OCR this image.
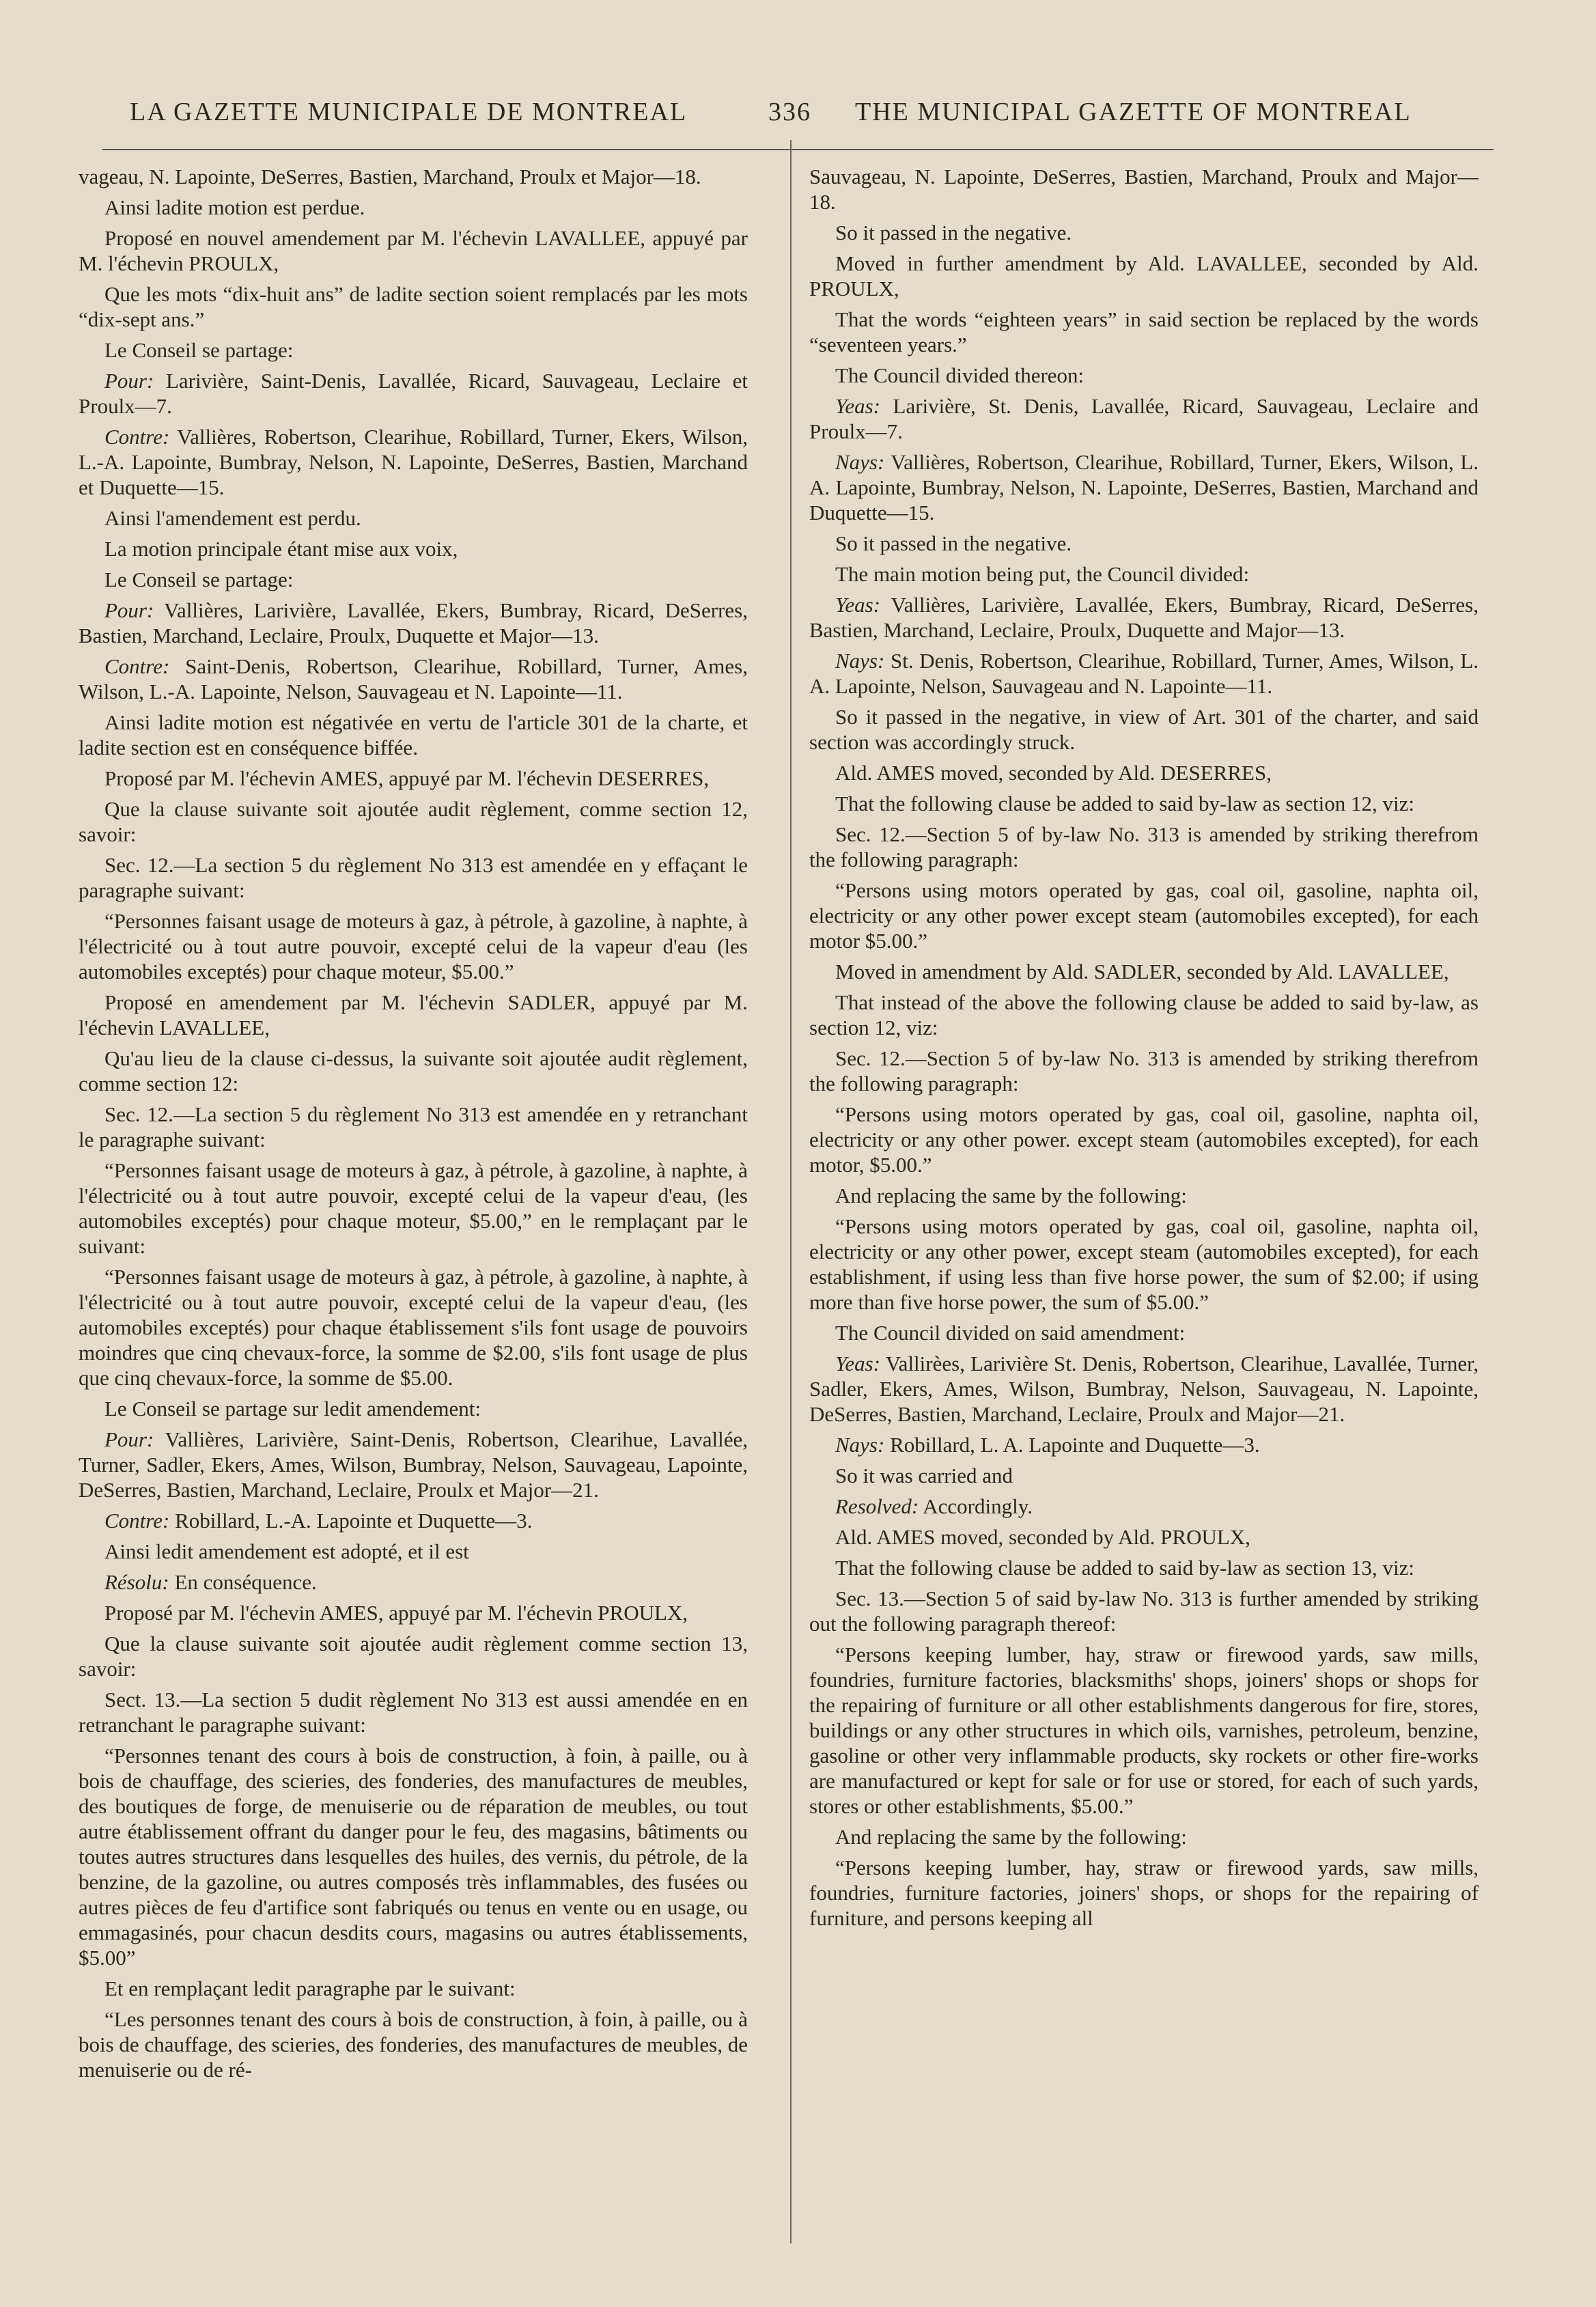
LA GAZETTE MUNICIPALE DE MONTREAL	336 THE MUNICIPAL GAZETTE OF MONTREAL

vageau, N. Lapointe, DeSerres, Bastien, Marchand, Proulx et Major—18.

Ainsi ladite motion est perdue.

Proposé en nouvel amendement par M. l'échevin LAVALLEE, appuyé par M. l'échevin PROULX,

Que les mots “dix-huit ans” de ladite section soient remplacés par les mots “dix-sept ans.”

Le Conseil se partage:

Pour: Larivière, Saint-Denis, Lavallée, Ricard, Sauvageau, Leclaire et Proulx—7.

Contre: Vallières, Robertson, Clearihue, Robillard, Turner, Ekers, Wilson, L.-A. Lapointe, Bumbray, Nelson, N. Lapointe, DeSerres, Bastien, Marchand et Duquette—15.

Ainsi l'amendement est perdu.

La motion principale étant mise aux voix,

Le Conseil se partage:

Pour: Vallières, Larivière, Lavallée, Ekers, Bumbray, Ricard, DeSerres, Bastien, Marchand, Leclaire, Proulx, Duquette et Major—13.

Contre: Saint-Denis, Robertson, Clearihue, Robillard, Turner, Ames, Wilson, L.-A. Lapointe, Nelson, Sauvageau et N. Lapointe—11.

Ainsi ladite motion est négativée en vertu de l'article 301 de la charte, et ladite section est en conséquence biffée.

Proposé par M. l'échevin AMES, appuyé par M. l'échevin DESERRES,

Que la clause suivante soit ajoutée audit règlement, comme section 12, savoir:

Sec. 12.—La section 5 du règlement No 313 est amendée en y effaçant le paragraphe suivant:

“Personnes faisant usage de moteurs à gaz, à pétrole, à gazoline, à naphte, à l'électricité ou à tout autre pouvoir, excepté celui de la vapeur d'eau (les automobiles exceptés) pour chaque moteur, $5.00.”

Proposé en amendement par M. l'échevin SADLER, appuyé par M. l'échevin LAVALLEE,

Qu'au lieu de la clause ci-dessus, la suivante soit ajoutée audit règlement, comme section 12:

Sec. 12.—La section 5 du règlement No 313 est amendée en y retranchant le paragraphe suivant:

“Personnes faisant usage de moteurs à gaz, à pétrole, à gazoline, à naphte, à l'électricité ou à tout autre pouvoir, excepté celui de la vapeur d'eau, (les automobiles exceptés) pour chaque moteur, $5.00,” en le remplaçant par le suivant:

“Personnes faisant usage de moteurs à gaz, à pétrole, à gazoline, à naphte, à l'électricité ou à tout autre pouvoir, excepté celui de la vapeur d'eau, (les automobiles exceptés) pour chaque établissement s'ils font usage de pouvoirs moindres que cinq chevaux-force, la somme de $2.00, s'ils font usage de plus que cinq chevaux-force, la somme de $5.00.

Le Conseil se partage sur ledit amendement:

Pour: Vallières, Larivière, Saint-Denis, Robertson, Clearihue, Lavallée, Turner, Sadler, Ekers, Ames, Wilson, Bumbray, Nelson, Sauvageau, Lapointe, DeSerres, Bastien, Marchand, Leclaire, Proulx et Major—21.

Contre: Robillard, L.-A. Lapointe et Duquette—3.

Ainsi ledit amendement est adopté, et il est

Résolu: En conséquence.

Proposé par M. l'échevin AMES, appuyé par M. l'échevin PROULX,

Que la clause suivante soit ajoutée audit règlement comme section 13, savoir:

Sect. 13.—La section 5 dudit règlement No 313 est aussi amendée en en retranchant le paragraphe suivant:

“Personnes tenant des cours à bois de construction, à foin, à paille, ou à bois de chauffage, des scieries, des fonderies, des manufactures de meubles, des boutiques de forge, de menuiserie ou de réparation de meubles, ou tout autre établissement offrant du danger pour le feu, des magasins, bâtiments ou toutes autres structures dans lesquelles des huiles, des vernis, du pétrole, de la benzine, de la gazoline, ou autres composés très inflammables, des fusées ou autres pièces de feu d'artifice sont fabriqués ou tenus en vente ou en usage, ou emmagasinés, pour chacun desdits cours, magasins ou autres établissements, $5.00”

Et en remplaçant ledit paragraphe par le suivant:

“Les personnes tenant des cours à bois de construction, à foin, à paille, ou à bois de chauffage, des scieries, des fonderies, des manufactures de meubles, de menuiserie ou de ré-

Sauvageau, N. Lapointe, DeSerres, Bastien, Marchand, Proulx and Major—18.

So it passed in the negative.

Moved in further amendment by Ald. LAVALLEE, seconded by Ald. PROULX,

That the words “eighteen years” in said section be replaced by the words “seventeen years.”

The Council divided thereon:

Yeas: Larivière, St. Denis, Lavallée, Ricard, Sauvageau, Leclaire and Proulx—7.

Nays: Vallières, Robertson, Clearihue, Robillard, Turner, Ekers, Wilson, L. A. Lapointe, Bumbray, Nelson, N. Lapointe, DeSerres, Bastien, Marchand and Duquette—15.

So it passed in the negative.

The main motion being put, the Council divided:

Yeas: Vallières, Larivière, Lavallée, Ekers, Bumbray, Ricard, DeSerres, Bastien, Marchand, Leclaire, Proulx, Duquette and Major—13.

Nays: St. Denis, Robertson, Clearihue, Robillard, Turner, Ames, Wilson, L. A. Lapointe, Nelson, Sauvageau and N. Lapointe—11.

So it passed in the negative, in view of Art. 301 of the charter, and said section was accordingly struck.

Ald. AMES moved, seconded by Ald. DESERRES,

That the following clause be added to said by-law as section 12, viz:

Sec. 12.—Section 5 of by-law No. 313 is amended by striking therefrom the following paragraph:

“Persons using motors operated by gas, coal oil, gasoline, naphta oil, electricity or any other power except steam (automobiles excepted), for each motor $5.00.”

Moved in amendment by Ald. SADLER, seconded by Ald. LAVALLEE,

That instead of the above the following clause be added to said by-law, as section 12, viz:

Sec. 12.—Section 5 of by-law No. 313 is amended by striking therefrom the following paragraph:

“Persons using motors operated by gas, coal oil, gasoline, naphta oil, electricity or any other power. except steam (automobiles excepted), for each motor, $5.00.”

And replacing the same by the following:

“Persons using motors operated by gas, coal oil, gasoline, naphta oil, electricity or any other power, except steam (automobiles excepted), for each establishment, if using less than five horse power, the sum of $2.00; if using more than five horse power, the sum of $5.00.”

The Council divided on said amendment:

Yeas: Vallirèes, Larivière St. Denis, Robertson, Clearihue, Lavallée, Turner, Sadler, Ekers, Ames, Wilson, Bumbray, Nelson, Sauvageau, N. Lapointe, DeSerres, Bastien, Marchand, Leclaire, Proulx and Major—21.

Nays: Robillard, L. A. Lapointe and Duquette—3.

So it was carried and

Resolved: Accordingly.

Ald. AMES moved, seconded by Ald. PROULX,

That the following clause be added to said by-law as section 13, viz:

Sec. 13.—Section 5 of said by-law No. 313 is further amended by striking out the following paragraph thereof:

“Persons keeping lumber, hay, straw or firewood yards, saw mills, foundries, furniture factories, blacksmiths' shops, joiners' shops or shops for the repairing of furniture or all other establishments dangerous for fire, stores, buildings or any other structures in which oils, varnishes, petroleum, benzine, gasoline or other very inflammable products, sky rockets or other fire-works are manufactured or kept for sale or for use or stored, for each of such yards, stores or other establishments, $5.00.”

And replacing the same by the following:

“Persons keeping lumber, hay, straw or firewood yards, saw mills, foundries, furniture factories, joiners' shops, or shops for the repairing of furniture, and persons keeping all
